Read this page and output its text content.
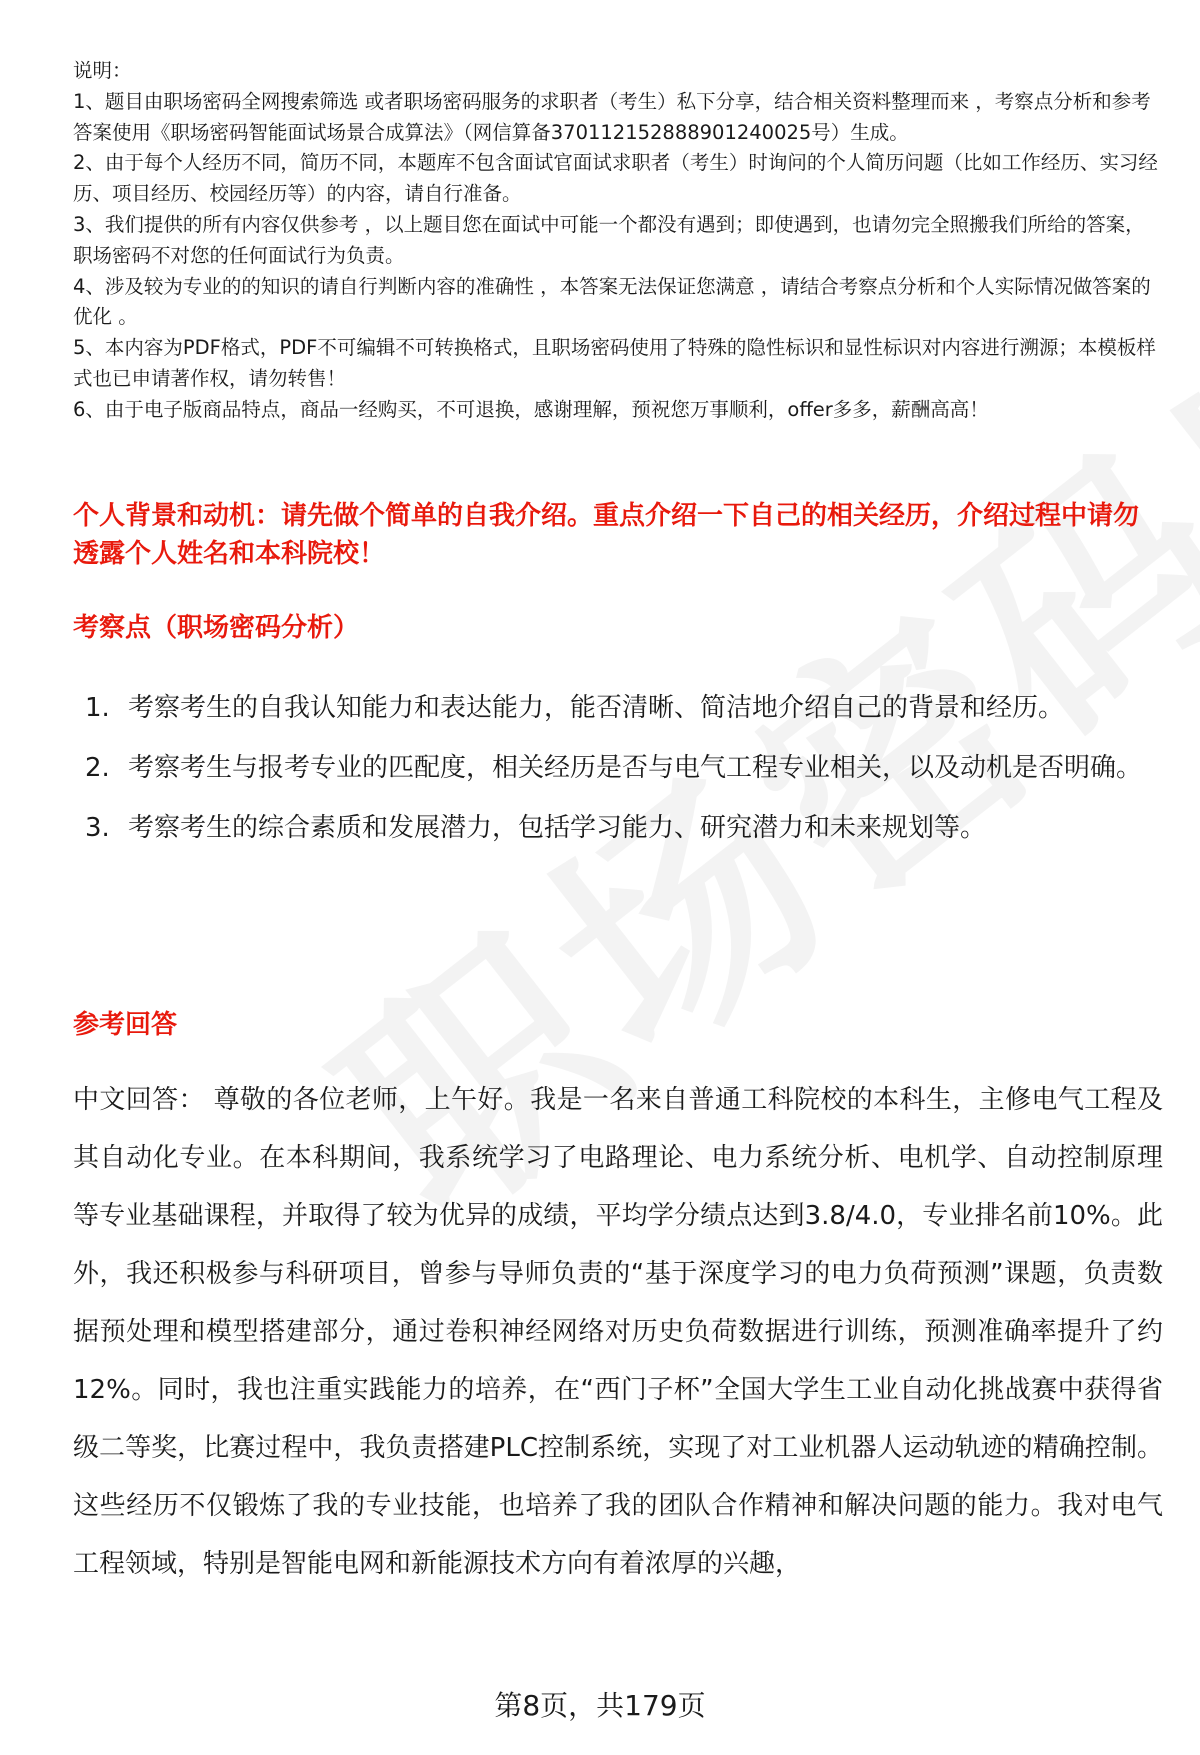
说明：

1、题目由职场密码全网搜索筛选 或者职场密码服务的求职者（考生）私下分享，结合相关资料整理而来 ，考察点分析和参考答案使用《职场密码智能面试场景合成算法》（网信算备370112152888901240025号）生成。

2、由于每个人经历不同，简历不同，本题库不包含面试官面试求职者（考生）时询问的个人简历问题（比如工作经历、实习经历、项目经历、校园经历等）的内容，请自行准备。

3、我们提供的所有内容仅供参考 ，以上题目您在面试中可能一个都没有遇到；即使遇到，也请勿完全照搬我们所给的答案，职场密码不对您的任何面试行为负责。

4、涉及较为专业的的知识的请自行判断内容的准确性 ，本答案无法保证您满意 ，请结合考察点分析和个人实际情况做答案的优化 。

5、本内容为PDF格式，PDF不可编辑不可转换格式，且职场密码使用了特殊的隐性标识和显性标识对内容进行溯源；本模板样式也已申请著作权，请勿转售！

6、由于电子版商品特点，商品一经购买，不可退换，感谢理解，预祝您万事顺利，offer多多，薪酬高高！

个人背景和动机：请先做个简单的自我介绍。重点介绍一下自己的相关经历，介绍过程中请勿透露个人姓名和本科院校！

考察点（职场密码分析）

1. 考察考生的自我认知能力和表达能力，能否清晰、简洁地介绍自己的背景和经历。
2. 考察考生与报考专业的匹配度，相关经历是否与电气工程专业相关，以及动机是否明确。
3. 考察考生的综合素质和发展潜力，包括学习能力、研究潜力和未来规划等。

参考回答

中文回答： 尊敬的各位老师，上午好。我是一名来自普通工科院校的本科生，主修电气工程及其自动化专业。在本科期间，我系统学习了电路理论、电力系统分析、电机学、自动控制原理等专业基础课程，并取得了较为优异的成绩，平均学分绩点达到3.8/4.0，专业排名前10%。此外，我还积极参与科研项目，曾参与导师负责的“基于深度学习的电力负荷预测”课题，负责数据预处理和模型搭建部分，通过卷积神经网络对历史负荷数据进行训练，预测准确率提升了约12%。同时，我也注重实践能力的培养，在“西门子杯”全国大学生工业自动化挑战赛中获得省级二等奖，比赛过程中，我负责搭建PLC控制系统，实现了对工业机器人运动轨迹的精确控制。这些经历不仅锻炼了我的专业技能，也培养了我的团队合作精神和解决问题的能力。我对电气工程领域，特别是智能电网和新能源技术方向有着浓厚的兴趣，

第8页，共179页
